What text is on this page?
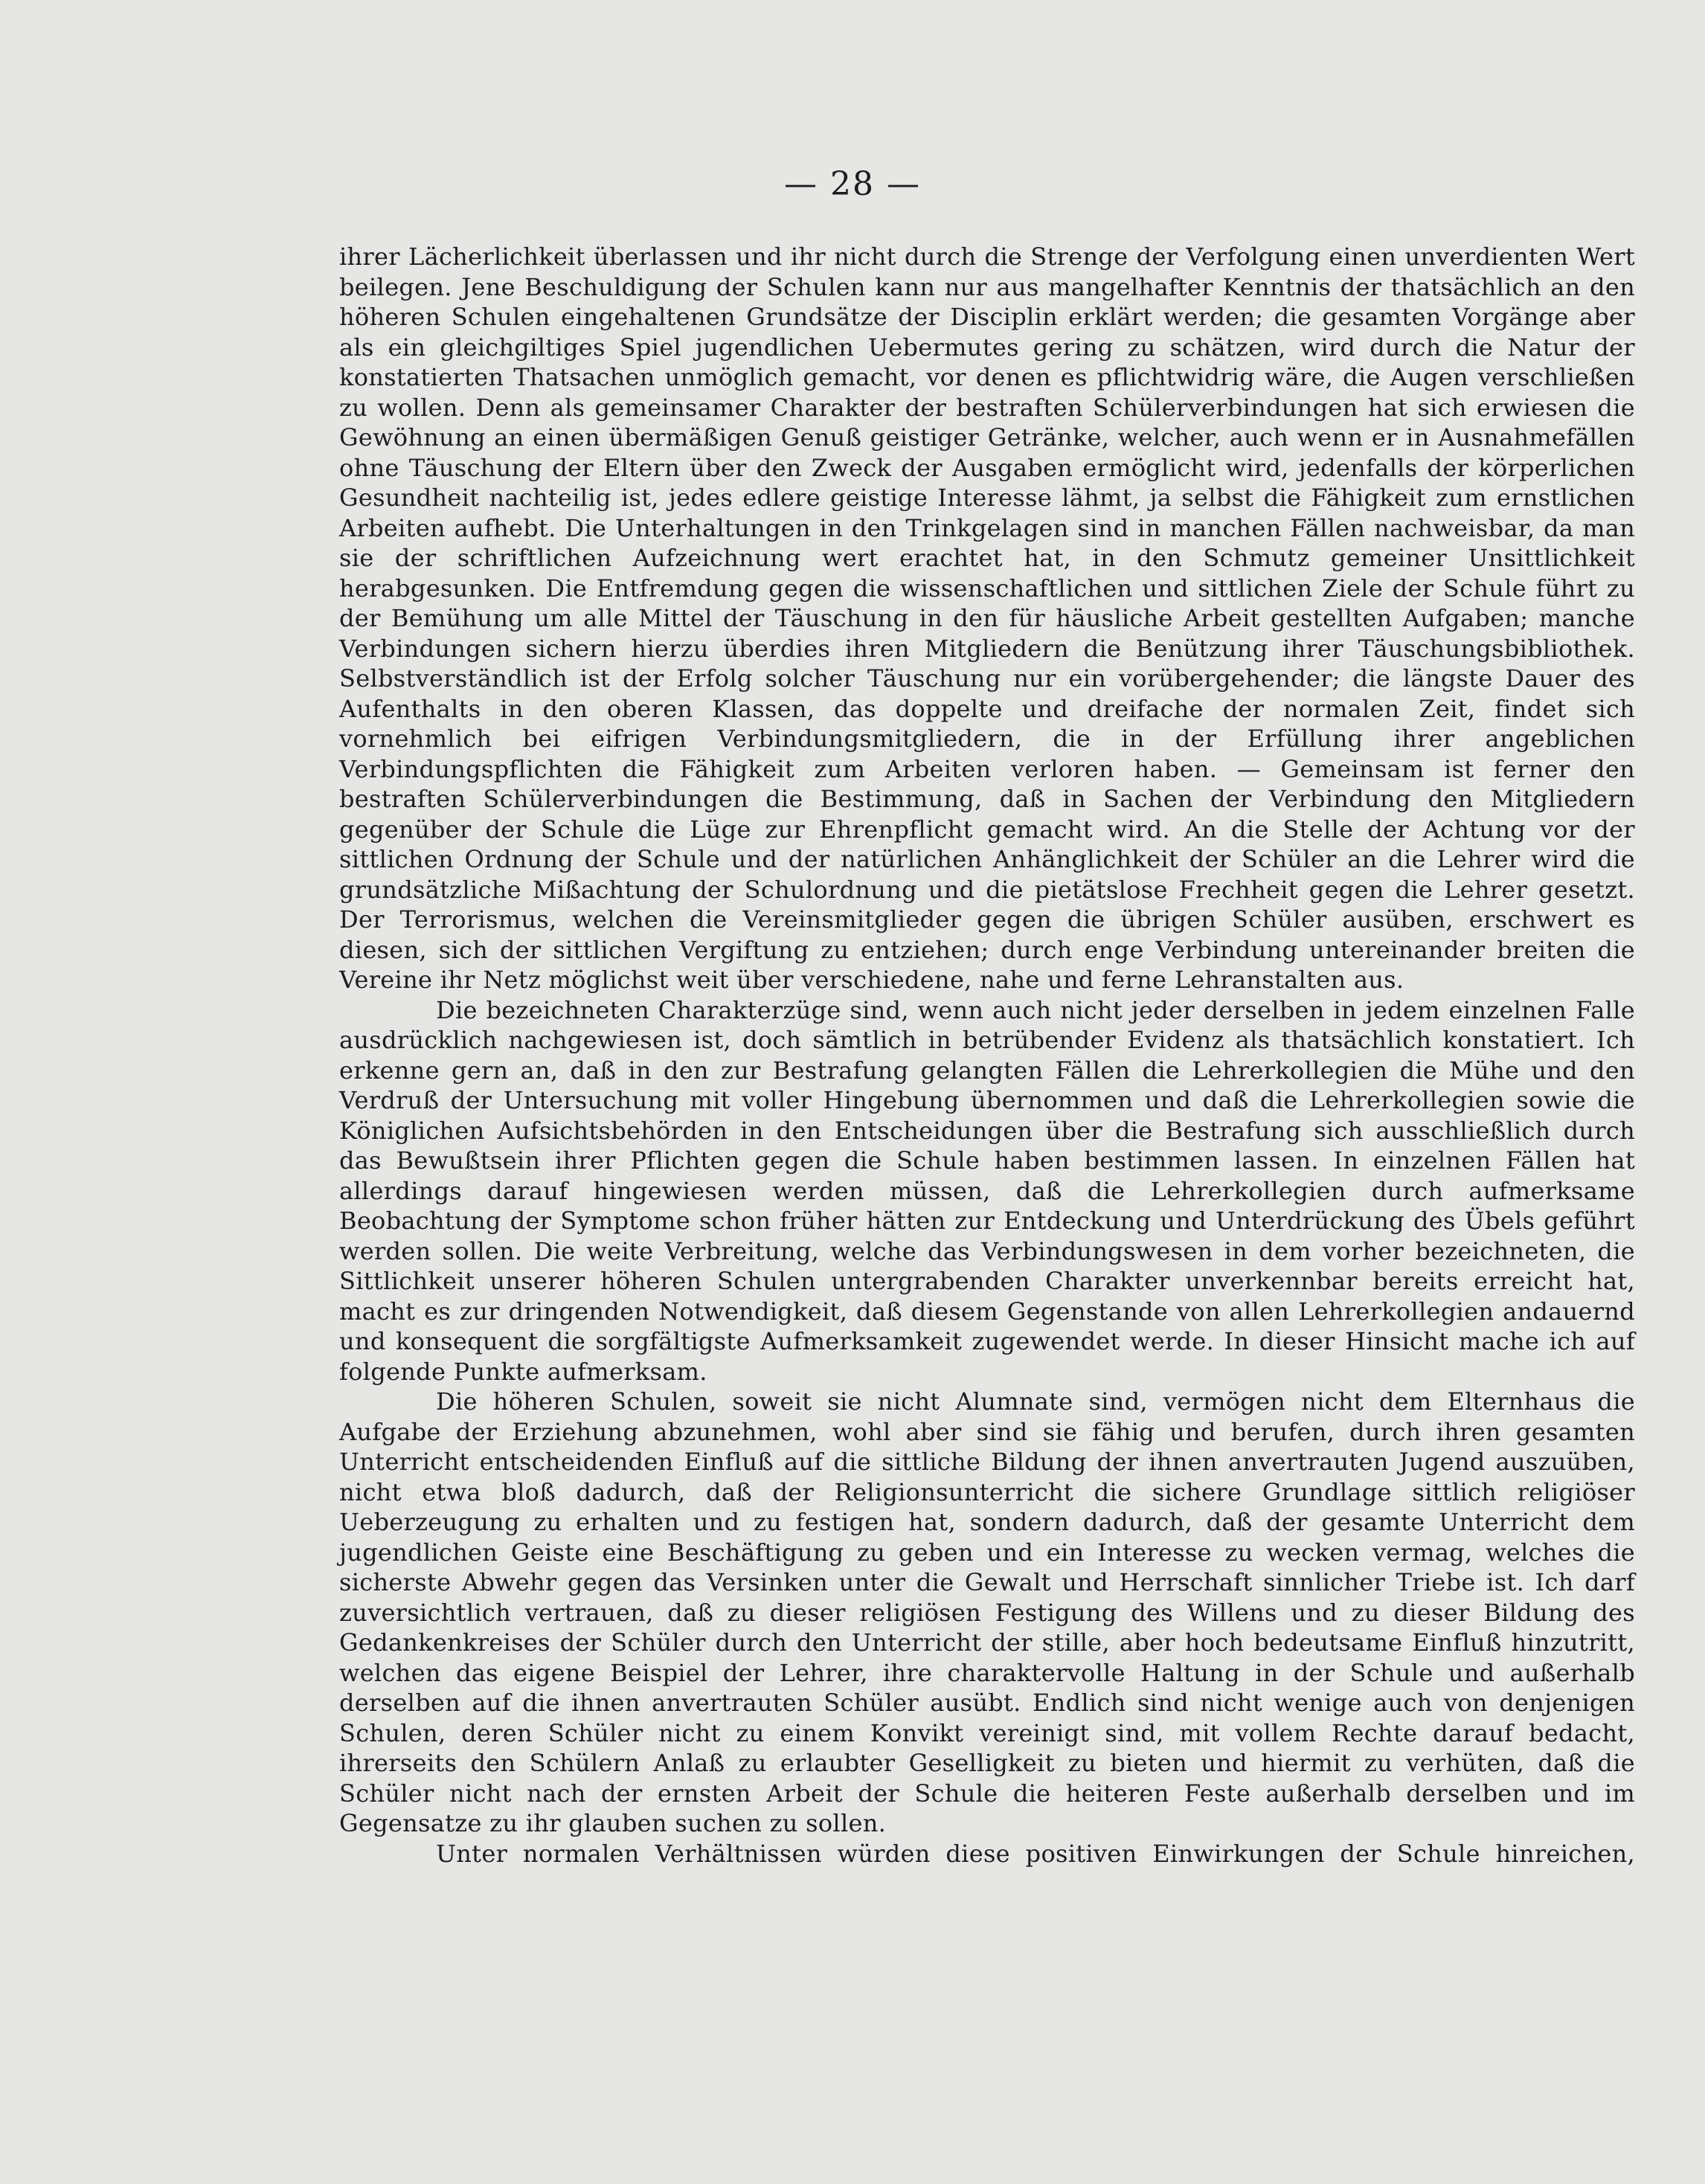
— 28 —

ihrer Lächerlichkeit überlassen und ihr nicht durch die Strenge der Verfolgung einen unverdienten Wert beilegen. Jene Beschuldigung der Schulen kann nur aus mangelhafter Kenntnis der thatsächlich an den höheren Schulen eingehaltenen Grundsätze der Disciplin erklärt werden; die gesamten Vorgänge aber als ein gleichgiltiges Spiel jugendlichen Uebermutes gering zu schätzen, wird durch die Natur der konstatierten Thatsachen unmöglich gemacht, vor denen es pflichtwidrig wäre, die Augen verschließen zu wollen. Denn als gemeinsamer Charakter der bestraften Schülerverbindungen hat sich erwiesen die Gewöhnung an einen übermäßigen Genuß geistiger Getränke, welcher, auch wenn er in Ausnahmefällen ohne Täuschung der Eltern über den Zweck der Ausgaben ermöglicht wird, jedenfalls der körperlichen Gesundheit nachteilig ist, jedes edlere geistige Interesse lähmt, ja selbst die Fähigkeit zum ernstlichen Arbeiten aufhebt. Die Unterhaltungen in den Trinkgelagen sind in manchen Fällen nachweisbar, da man sie der schriftlichen Aufzeichnung wert erachtet hat, in den Schmutz gemeiner Unsittlichkeit herabgesunken. Die Entfremdung gegen die wissenschaftlichen und sittlichen Ziele der Schule führt zu der Bemühung um alle Mittel der Täuschung in den für häusliche Arbeit gestellten Aufgaben; manche Verbindungen sichern hierzu überdies ihren Mitgliedern die Benützung ihrer Täuschungsbibliothek. Selbstverständlich ist der Erfolg solcher Täuschung nur ein vorübergehender; die längste Dauer des Aufenthalts in den oberen Klassen, das doppelte und dreifache der normalen Zeit, findet sich vornehmlich bei eifrigen Verbindungsmitgliedern, die in der Erfüllung ihrer angeblichen Verbindungspflichten die Fähigkeit zum Arbeiten verloren haben. — Gemeinsam ist ferner den bestraften Schülerverbindungen die Bestimmung, daß in Sachen der Verbindung den Mitgliedern gegenüber der Schule die Lüge zur Ehrenpflicht gemacht wird. An die Stelle der Achtung vor der sittlichen Ordnung der Schule und der natürlichen Anhänglichkeit der Schüler an die Lehrer wird die grundsätzliche Mißachtung der Schulordnung und die pietätslose Frechheit gegen die Lehrer gesetzt. Der Terrorismus, welchen die Vereinsmitglieder gegen die übrigen Schüler ausüben, erschwert es diesen, sich der sittlichen Vergiftung zu entziehen; durch enge Verbindung untereinander breiten die Vereine ihr Netz möglichst weit über verschiedene, nahe und ferne Lehranstalten aus.

Die bezeichneten Charakterzüge sind, wenn auch nicht jeder derselben in jedem einzelnen Falle ausdrücklich nachgewiesen ist, doch sämtlich in betrübender Evidenz als thatsächlich konstatiert. Ich erkenne gern an, daß in den zur Bestrafung gelangten Fällen die Lehrerkollegien die Mühe und den Verdruß der Untersuchung mit voller Hingebung übernommen und daß die Lehrerkollegien sowie die Königlichen Aufsichtsbehörden in den Entscheidungen über die Bestrafung sich ausschließlich durch das Bewußtsein ihrer Pflichten gegen die Schule haben bestimmen lassen. In einzelnen Fällen hat allerdings darauf hingewiesen werden müssen, daß die Lehrerkollegien durch aufmerksame Beobachtung der Symptome schon früher hätten zur Entdeckung und Unterdrückung des Übels geführt werden sollen. Die weite Verbreitung, welche das Verbindungswesen in dem vorher bezeichneten, die Sittlichkeit unserer höheren Schulen untergrabenden Charakter unverkennbar bereits erreicht hat, macht es zur dringenden Notwendigkeit, daß diesem Gegenstande von allen Lehrerkollegien andauernd und konsequent die sorgfältigste Aufmerksamkeit zugewendet werde. In dieser Hinsicht mache ich auf folgende Punkte aufmerksam.

Die höheren Schulen, soweit sie nicht Alumnate sind, vermögen nicht dem Elternhaus die Aufgabe der Erziehung abzunehmen, wohl aber sind sie fähig und berufen, durch ihren gesamten Unterricht entscheidenden Einfluß auf die sittliche Bildung der ihnen anvertrauten Jugend auszuüben, nicht etwa bloß dadurch, daß der Religionsunterricht die sichere Grundlage sittlich religiöser Ueberzeugung zu erhalten und zu festigen hat, sondern dadurch, daß der gesamte Unterricht dem jugendlichen Geiste eine Beschäftigung zu geben und ein Interesse zu wecken vermag, welches die sicherste Abwehr gegen das Versinken unter die Gewalt und Herrschaft sinnlicher Triebe ist. Ich darf zuversichtlich vertrauen, daß zu dieser religiösen Festigung des Willens und zu dieser Bildung des Gedankenkreises der Schüler durch den Unterricht der stille, aber hoch bedeutsame Einfluß hinzutritt, welchen das eigene Beispiel der Lehrer, ihre charaktervolle Haltung in der Schule und außerhalb derselben auf die ihnen anvertrauten Schüler ausübt. Endlich sind nicht wenige auch von denjenigen Schulen, deren Schüler nicht zu einem Konvikt vereinigt sind, mit vollem Rechte darauf bedacht, ihrerseits den Schülern Anlaß zu erlaubter Geselligkeit zu bieten und hiermit zu verhüten, daß die Schüler nicht nach der ernsten Arbeit der Schule die heiteren Feste außerhalb derselben und im Gegensatze zu ihr glauben suchen zu sollen.

Unter normalen Verhältnissen würden diese positiven Einwirkungen der Schule hinreichen,
